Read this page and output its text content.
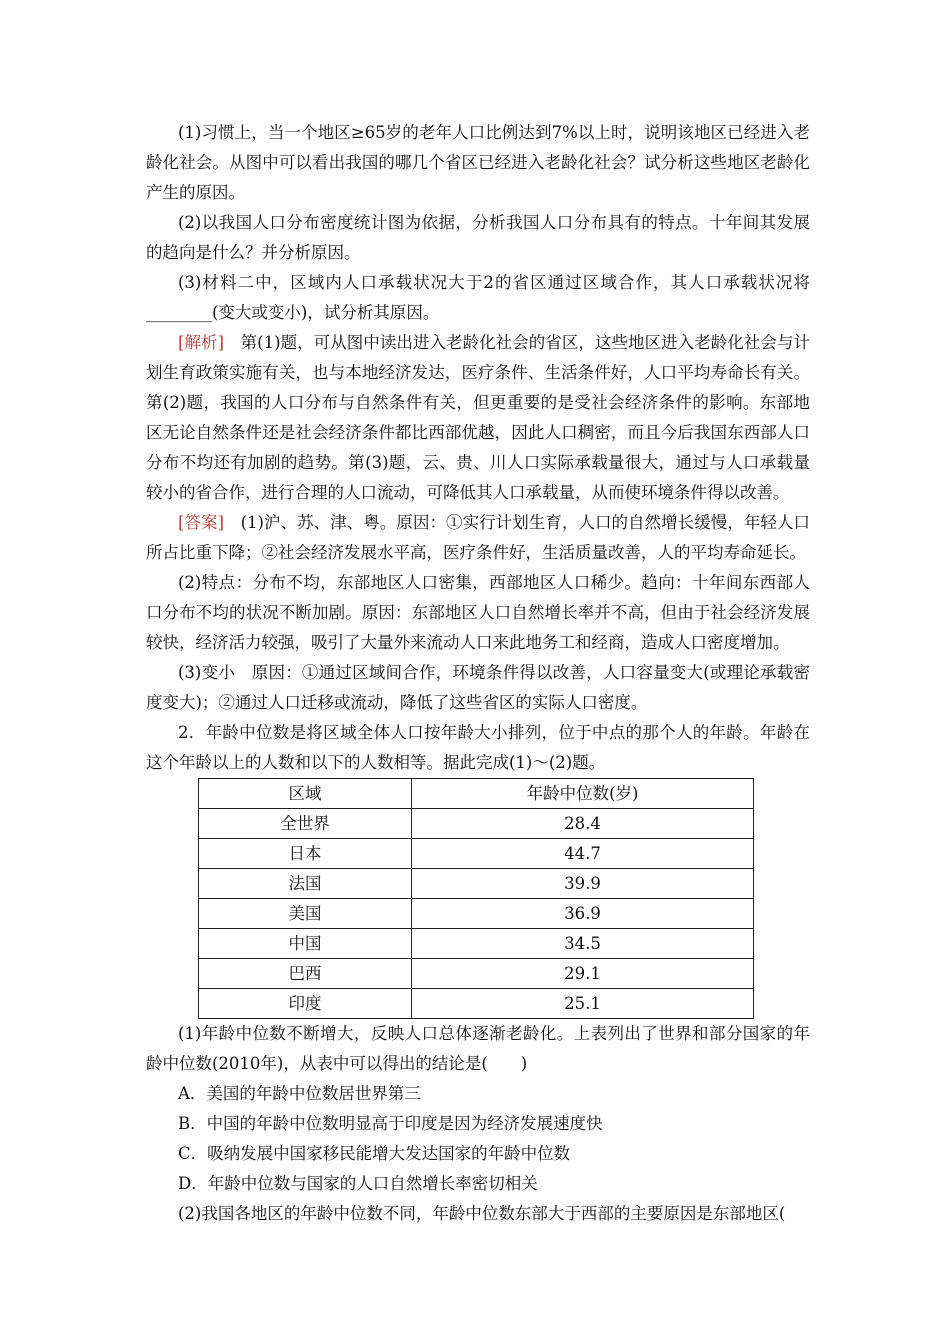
(1)习惯上，当一个地区≥65岁的老年人口比例达到7%以上时，说明该地区已经进入老龄化社会。从图中可以看出我国的哪几个省区已经进入老龄化社会？试分析这些地区老龄化产生的原因。

(2)以我国人口分布密度统计图为依据，分析我国人口分布具有的特点。十年间其发展的趋向是什么？并分析原因。

(3)材料二中，区域内人口承载状况大于2的省区通过区域合作，其人口承载状况将________(变大或变小)，试分析其原因。

[解析]　第(1)题，可从图中读出进入老龄化社会的省区，这些地区进入老龄化社会与计划生育政策实施有关，也与本地经济发达，医疗条件、生活条件好，人口平均寿命长有关。第(2)题，我国的人口分布与自然条件有关，但更重要的是受社会经济条件的影响。东部地区无论自然条件还是社会经济条件都比西部优越，因此人口稠密，而且今后我国东西部人口分布不均还有加剧的趋势。第(3)题，云、贵、川人口实际承载量很大，通过与人口承载量较小的省合作，进行合理的人口流动，可降低其人口承载量，从而使环境条件得以改善。

[答案]　(1)沪、苏、津、粤。原因：①实行计划生育，人口的自然增长缓慢，年轻人口所占比重下降；②社会经济发展水平高，医疗条件好，生活质量改善，人的平均寿命延长。

(2)特点：分布不均，东部地区人口密集，西部地区人口稀少。趋向：十年间东西部人口分布不均的状况不断加剧。原因：东部地区人口自然增长率并不高，但由于社会经济发展较快，经济活力较强，吸引了大量外来流动人口来此地务工和经商，造成人口密度增加。

(3)变小　原因：①通过区域间合作，环境条件得以改善，人口容量变大(或理论承载密度变大)；②通过人口迁移或流动，降低了这些省区的实际人口密度。

2．年龄中位数是将区域全体人口按年龄大小排列，位于中点的那个人的年龄。年龄在这个年龄以上的人数和以下的人数相等。据此完成(1)～(2)题。

区域	年龄中位数(岁)
全世界	28.4
日本	44.7
法国	39.9
美国	36.9
中国	34.5
巴西	29.1
印度	25.1

(1)年龄中位数不断增大，反映人口总体逐渐老龄化。上表列出了世界和部分国家的年龄中位数(2010年)，从表中可以得出的结论是(　　)

A．美国的年龄中位数居世界第三

B．中国的年龄中位数明显高于印度是因为经济发展速度快

C．吸纳发展中国家移民能增大发达国家的年龄中位数

D．年龄中位数与国家的人口自然增长率密切相关

(2)我国各地区的年龄中位数不同，年龄中位数东部大于西部的主要原因是东部地区(
